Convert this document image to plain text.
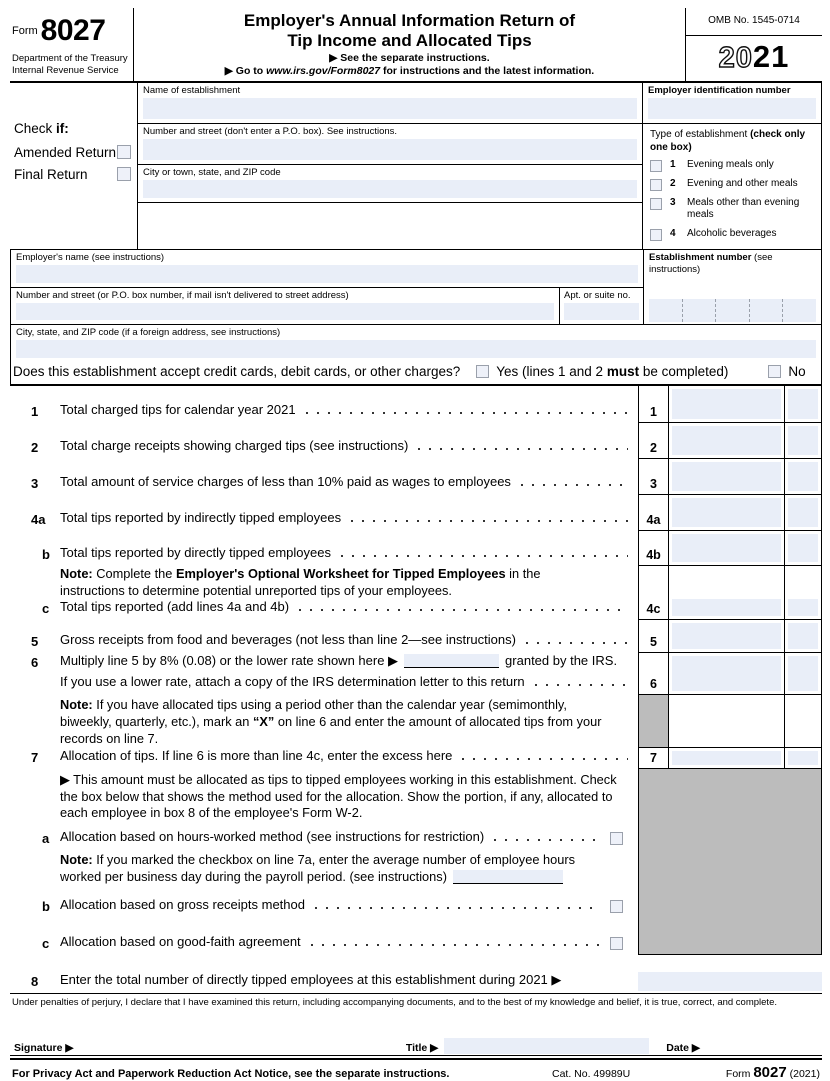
$^{Form}$ 8027
Department of the Treasury
Internal Revenue Service
Employer's Annual Information Return of
Tip Income and Allocated Tips
▶ See the separate instructions.
▶ Go to www.irs.gov/Form8027 for instructions and the latest information.
OMB No. 1545-0714
2021
Check if:
Amended Return
Final Return
Name of establishment
Number and street (don't enter a P.O. box). See instructions.
City or town, state, and ZIP code
Employer identification number
Type of establishment (check only one box)
1	Evening meals only
2	Evening and other meals
3	Meals other than evening meals
4	Alcoholic beverages
Employer's name (see instructions)
Number and street (or P.O. box number, if mail isn't delivered to street address)	Apt. or suite no.
Establishment number (see instructions)
City, state, and ZIP code (if a foreign address, see instructions)
Does this establishment accept credit cards, debit cards, or other charges?	Yes (lines 1 and 2 must be completed)	No
1	Total charged tips for calendar year 2021	1
2	Total charge receipts showing charged tips (see instructions)	2
3	Total amount of service charges of less than 10% paid as wages to employees	3
4a	Total tips reported by indirectly tipped employees	4a
b Total tips reported by directly tipped employees	4b
Note: Complete the Employer's Optional Worksheet for Tipped Employees in the instructions to determine potential unreported tips of your employees.
c Total tips reported (add lines 4a and 4b)	4c
5	Gross receipts from food and beverages (not less than line 2—see instructions)	5
6	Multiply line 5 by 8% (0.08) or the lower rate shown here ▶	granted by the IRS.
If you use a lower rate, attach a copy of the IRS determination letter to this return	6
Note: If you have allocated tips using a period other than the calendar year (semimonthly, biweekly, quarterly, etc.), mark an “X” on line 6 and enter the amount of allocated tips from your records on line 7.
7	Allocation of tips. If line 6 is more than line 4c, enter the excess here	7
▶ This amount must be allocated as tips to tipped employees working in this establishment. Check the box below that shows the method used for the allocation. Show the portion, if any, allocated to each employee in box 8 of the employee's Form W-2.
a Allocation based on hours-worked method (see instructions for restriction)
Note: If you marked the checkbox on line 7a, enter the average number of employee hours worked per business day during the payroll period. (see instructions)
b Allocation based on gross receipts method
c Allocation based on good-faith agreement
8	Enter the total number of directly tipped employees at this establishment during 2021 ▶
Under penalties of perjury, I declare that I have examined this return, including accompanying documents, and to the best of my knowledge and belief, it is true, correct, and complete.
Signature ▶	Title ▶	Date ▶
For Privacy Act and Paperwork Reduction Act Notice, see the separate instructions.	Cat. No. 49989U	Form 8027 (2021)
